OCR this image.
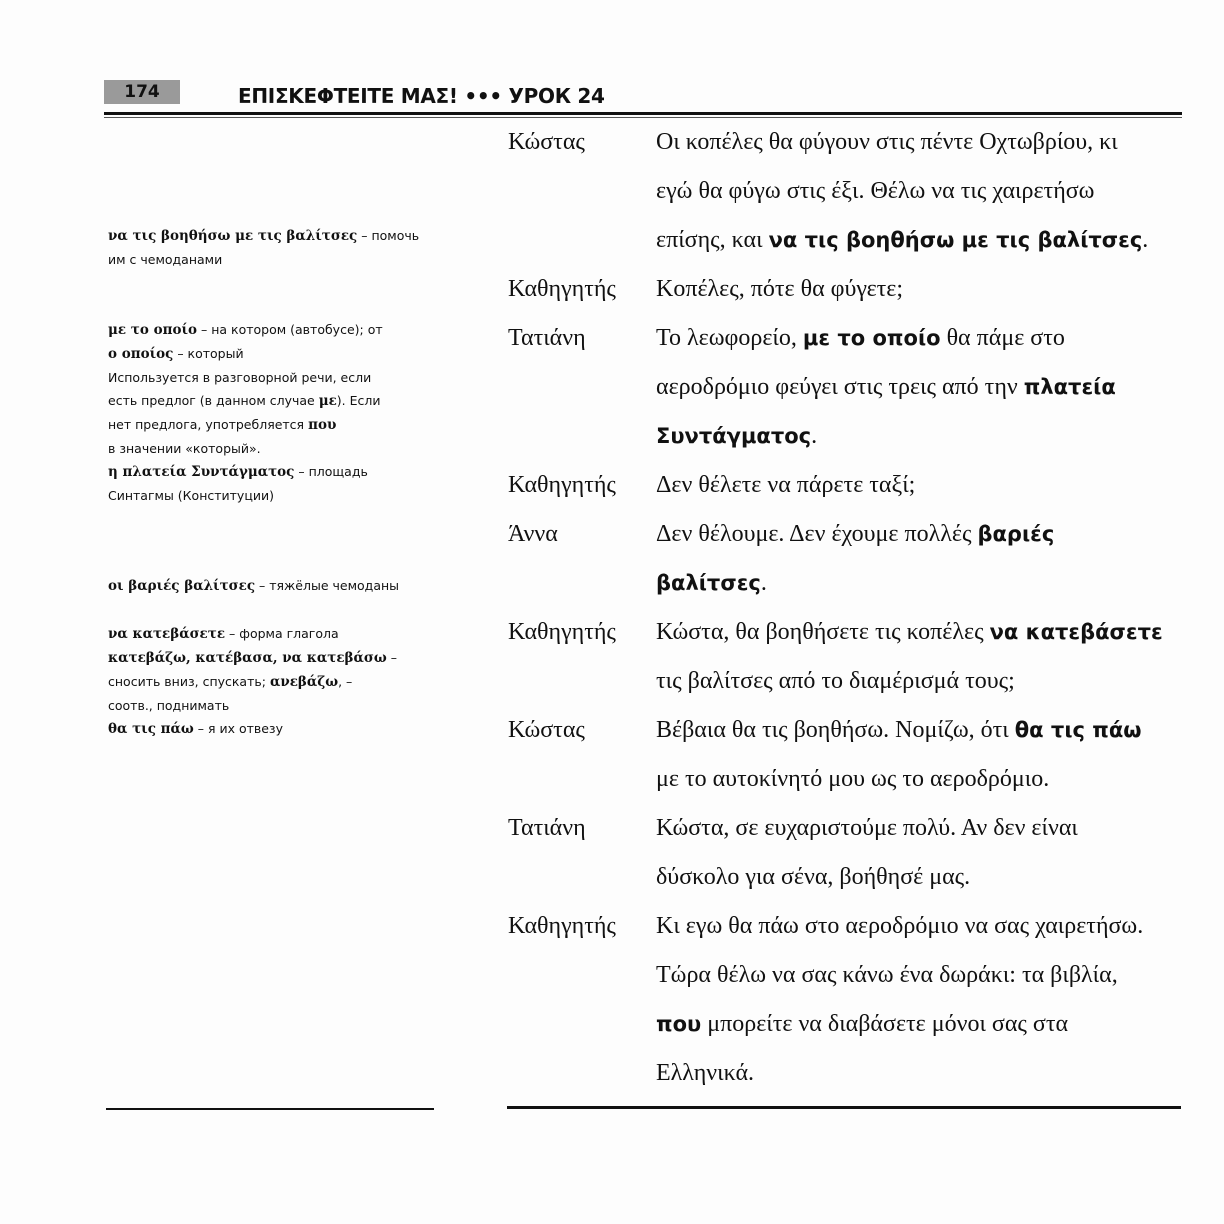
174	ΕΠΙΣΚΕΦΤΕΙΤΕ ΜΑΣ! ••• УРОК 24

να τις βοηθήσω με τις βαλίτσες – помочь

им с чемоданами

με το οποίο – на котором (автобусе); от

ο οποίος – который

Используется в разговорной речи, если

есть предлог (в данном случае με). Если

нет предлога, употребляется που

в значении «который».

η πλατεία Συντάγματος – площадь

Синтагмы (Конституции)

οι βαριές βαλίτσες – тяжёлые чемоданы

να κατεβάσετε – форма глагола

κατεβάζω, κατέβασα, να κατεβάσω –

сносить вниз, спускать; ανεβάζω, –

соотв., поднимать

θα τις πάω – я их отвезу

Κώστας	Οι κοπέλες θα φύγουν στις πέντε Οχτωβρίου, κι
εγώ θα φύγω στις έξι. Θέλω να τις χαιρετήσω
επίσης, και να τις βοηθήσω με τις βαλίτσες.
Καθηγητής	Κοπέλες, πότε θα φύγετε;
Τατιάνη	Το λεωφορείο, με το οποίο θα πάμε στο
αεροδρόμιο φεύγει στις τρεις από την πλατεία
Συντάγματος.
Καθηγητής	Δεν θέλετε να πάρετε ταξί;
Άννα	Δεν θέλουμε. Δεν έχουμε πολλές βαριές
βαλίτσες.
Καθηγητής	Κώστα, θα βοηθήσετε τις κοπέλες να κατεβάσετε
τις βαλίτσες από το διαμέρισμά τους;
Κώστας	Βέβαια θα τις βοηθήσω. Νομίζω, ότι θα τις πάω
με το αυτοκίνητό μου ως το αεροδρόμιο.
Τατιάνη	Κώστα, σε ευχαριστούμε πολύ. Αν δεν είναι
δύσκολο για σένα, βοήθησέ μας.
Καθηγητής	Κι εγω θα πάω στο αεροδρόμιο να σας χαιρετήσω.
Τώρα θέλω να σας κάνω ένα δωράκι: τα βιβλία,
που μπορείτε να διαβάσετε μόνοι σας στα
Ελληνικά.
